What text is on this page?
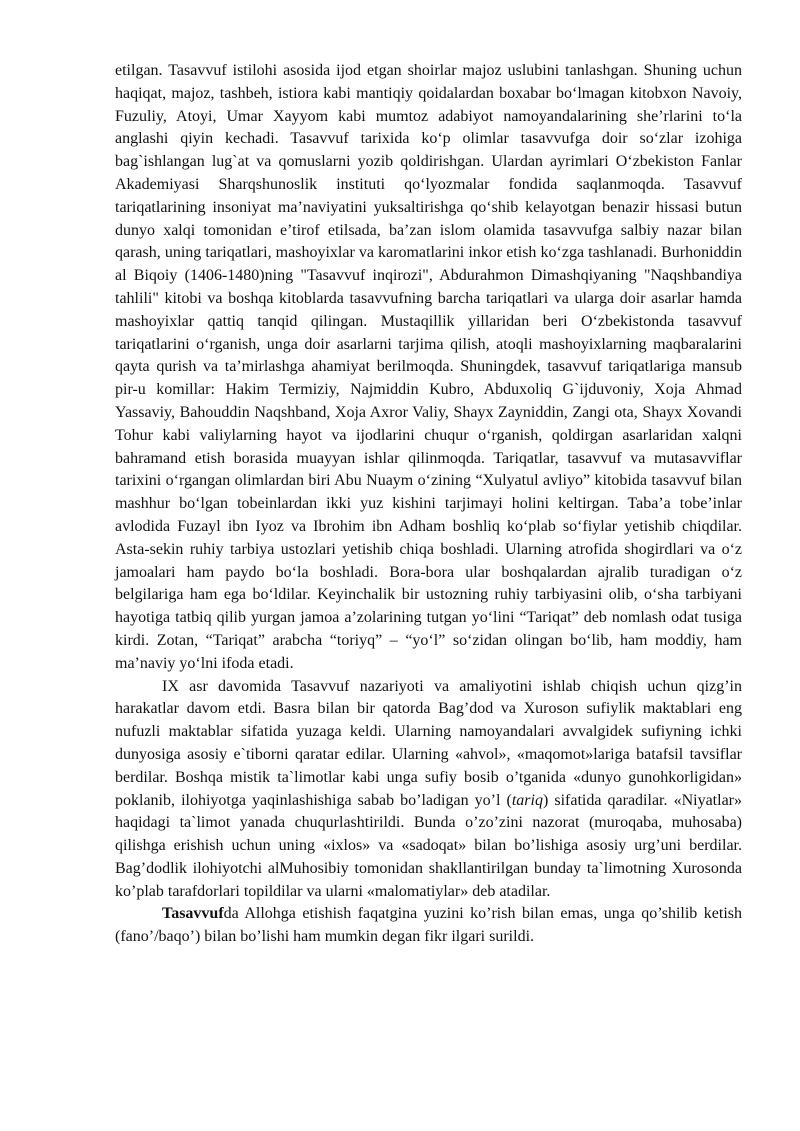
etilgan. Tasavvuf istilohi asosida ijod etgan shoirlar majoz uslubini tanlashgan. Shuning uchun haqiqat, majoz, tashbeh, istiora kabi mantiqiy qoidalardan boxabar bo‘lmagan kitobxon Navoiy, Fuzuliy, Atoyi, Umar Xayyom kabi mumtoz adabiyot namoyandalarining she’rlarini to‘la anglashi qiyin kechadi. Tasavvuf tarixida ko‘p olimlar tasavvufga doir so‘zlar izohiga bag`ishlangan lug`at va qomuslarni yozib qoldirishgan. Ulardan ayrimlari O‘zbekiston Fanlar Akademiyasi Sharqshunoslik instituti qo‘lyozmalar fondida saqlanmoqda. Tasavvuf tariqatlarining insoniyat ma’naviyatini yuksaltirishga qo‘shib kelayotgan benazir hissasi butun dunyo xalqi tomonidan e’tirof etilsada, ba’zan islom olamida tasavvufga salbiy nazar bilan qarash, uning tariqatlari, mashoyixlar va karomatlarini inkor etish ko‘zga tashlanadi. Burhoniddin al Biqoiy (1406-1480)ning "Tasavvuf inqirozi", Abdurahmon Dimashqiyaning "Naqshbandiya tahlili" kitobi va boshqa kitoblarda tasavvufning barcha tariqatlari va ularga doir asarlar hamda mashoyixlar qattiq tanqid qilingan. Mustaqillik yillaridan beri O‘zbekistonda tasavvuf tariqatlarini o‘rganish, unga doir asarlarni tarjima qilish, atoqli mashoyixlarning maqbaralarini qayta qurish va ta’mirlashga ahamiyat berilmoqda. Shuningdek, tasavvuf tariqatlariga mansub pir-u komillar: Hakim Termiziy, Najmiddin Kubro, Abduxoliq G`ijduvoniy, Xoja Ahmad Yassaviy, Bahouddin Naqshband, Xoja Axror Valiy, Shayx Zayniddin, Zangi ota, Shayx Xovandi Tohur kabi valiylarning hayot va ijodlarini chuqur o‘rganish, qoldirgan asarlaridan xalqni bahramand etish borasida muayyan ishlar qilinmoqda. Tariqatlar, tasavvuf va mutasavviflar tarixini o‘rgangan olimlardan biri Abu Nuaym o‘zining “Xulyatul avliyo” kitobida tasavvuf bilan mashhur bo‘lgan tobeinlardan ikki yuz kishini tarjimayi holini keltirgan. Taba’a tobe’inlar avlodida Fuzayl ibn Iyoz va Ibrohim ibn Adham boshliq ko‘plab so‘fiylar yetishib chiqdilar. Asta-sekin ruhiy tarbiya ustozlari yetishib chiqa boshladi. Ularning atrofida shogirdlari va o‘z jamoalari ham paydo bo‘la boshladi. Bora-bora ular boshqalardan ajralib turadigan o‘z belgilariga ham ega bo‘ldilar. Keyinchalik bir ustozning ruhiy tarbiyasini olib, o‘sha tarbiyani hayotiga tatbiq qilib yurgan jamoa a’zolarining tutgan yo‘lini “Tariqat” deb nomlash odat tusiga kirdi. Zotan, “Tariqat” arabcha “toriyq” – “yo‘l” so‘zidan olingan bo‘lib, ham moddiy, ham ma’naviy yo‘lni ifoda etadi.

IX asr davomida Tasavvuf nazariyoti va amaliyotini ishlab chiqish uchun qizg’in harakatlar davom etdi. Basra bilan bir qatorda Bag’dod va Xuroson sufiylik maktablari eng nufuzli maktablar sifatida yuzaga keldi. Ularning namoyandalari avvalgidek sufiyning ichki dunyosiga asosiy e`tiborni qaratar edilar. Ularning «ahvol», «maqomot»lariga batafsil tavsiflar berdilar. Boshqa mistik ta`limotlar kabi unga sufiy bosib o’tganida «dunyo gunohkorligidan» poklanib, ilohiyotga yaqinlashishiga sabab bo’ladigan yo’l (tariq) sifatida qaradilar. «Niyatlar» haqidagi ta`limot yanada chuqurlashtirildi. Bunda o’zo’zini nazorat (muroqaba, muhosaba) qilishga erishish uchun uning «ixlos» va «sadoqat» bilan bo’lishiga asosiy urg’uni berdilar. Bag’dodlik ilohiyotchi alMuhosibiy tomonidan shakllantirilgan bunday ta`limotning Xurosonda ko’plab tarafdorlari topildilar va ularni «malomatiylar» deb atadilar.

Tasavvufda Allohga etishish faqatgina yuzini ko’rish bilan emas, unga qo’shilib ketish (fano’/baqo’) bilan bo’lishi ham mumkin degan fikr ilgari surildi.
